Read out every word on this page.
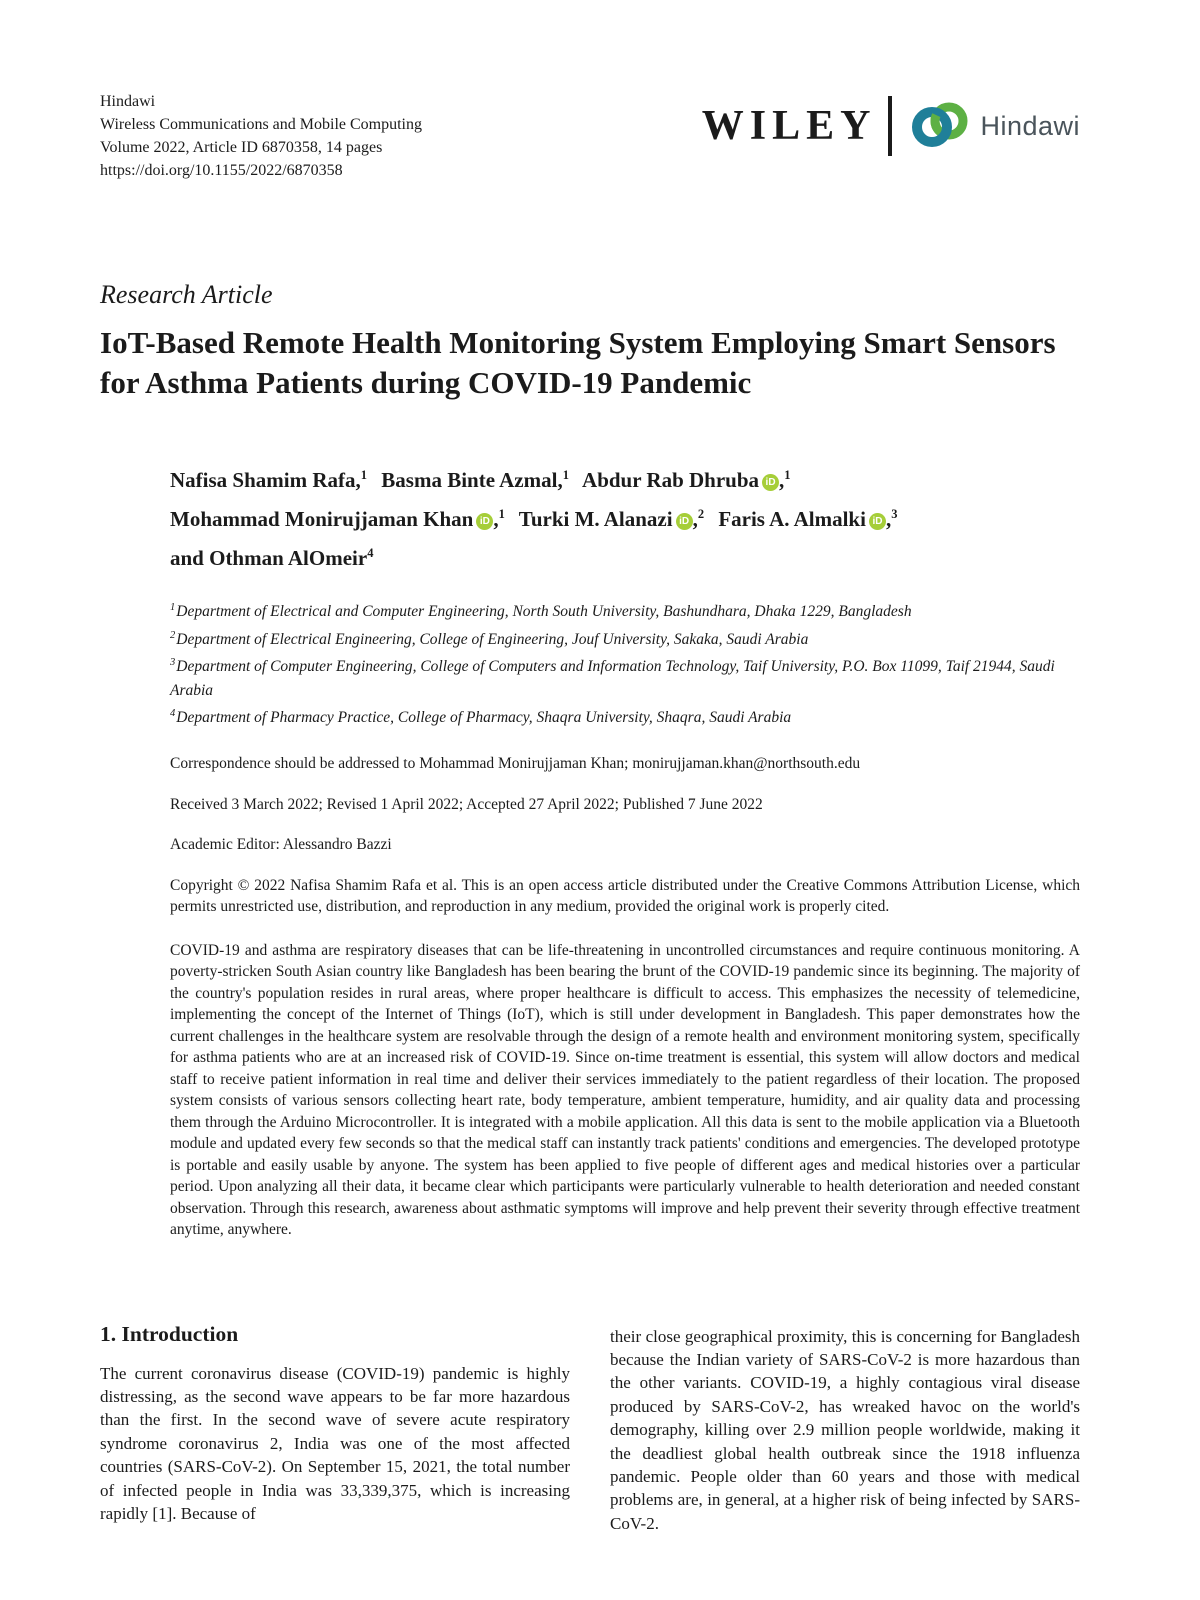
Hindawi
Wireless Communications and Mobile Computing
Volume 2022, Article ID 6870358, 14 pages
https://doi.org/10.1155/2022/6870358
WILEY	Hindawi
Research Article
IoT-Based Remote Health Monitoring System Employing Smart Sensors for Asthma Patients during COVID-19 Pandemic
Nafisa Shamim Rafa,$^1$ Basma Binte Azmal,$^1$ Abdur Rab Dhruba iD ,$^1$
Mohammad Monirujjaman Khan iD ,$^1$ Turki M. Alanazi iD ,$^2$ Faris A. Almalki iD ,$^3$
and Othman AlOmeir$^4$
$^1$Department of Electrical and Computer Engineering, North South University, Bashundhara, Dhaka 1229, Bangladesh
$^2$Department of Electrical Engineering, College of Engineering, Jouf University, Sakaka, Saudi Arabia
$^3$Department of Computer Engineering, College of Computers and Information Technology, Taif University, P.O. Box 11099, Taif 21944, Saudi Arabia
$^4$Department of Pharmacy Practice, College of Pharmacy, Shaqra University, Shaqra, Saudi Arabia

Correspondence should be addressed to Mohammad Monirujjaman Khan; monirujjaman.khan@northsouth.edu

Received 3 March 2022; Revised 1 April 2022; Accepted 27 April 2022; Published 7 June 2022

Academic Editor: Alessandro Bazzi

Copyright © 2022 Nafisa Shamim Rafa et al. This is an open access article distributed under the Creative Commons Attribution License, which permits unrestricted use, distribution, and reproduction in any medium, provided the original work is properly cited.

COVID-19 and asthma are respiratory diseases that can be life-threatening in uncontrolled circumstances and require continuous monitoring. A poverty-stricken South Asian country like Bangladesh has been bearing the brunt of the COVID-19 pandemic since its beginning. The majority of the country's population resides in rural areas, where proper healthcare is difficult to access. This emphasizes the necessity of telemedicine, implementing the concept of the Internet of Things (IoT), which is still under development in Bangladesh. This paper demonstrates how the current challenges in the healthcare system are resolvable through the design of a remote health and environment monitoring system, specifically for asthma patients who are at an increased risk of COVID-19. Since on-time treatment is essential, this system will allow doctors and medical staff to receive patient information in real time and deliver their services immediately to the patient regardless of their location. The proposed system consists of various sensors collecting heart rate, body temperature, ambient temperature, humidity, and air quality data and processing them through the Arduino Microcontroller. It is integrated with a mobile application. All this data is sent to the mobile application via a Bluetooth module and updated every few seconds so that the medical staff can instantly track patients' conditions and emergencies. The developed prototype is portable and easily usable by anyone. The system has been applied to five people of different ages and medical histories over a particular period. Upon analyzing all their data, it became clear which participants were particularly vulnerable to health deterioration and needed constant observation. Through this research, awareness about asthmatic symptoms will improve and help prevent their severity through effective treatment anytime, anywhere.

1. Introduction

The current coronavirus disease (COVID-19) pandemic is highly distressing, as the second wave appears to be far more hazardous than the first. In the second wave of severe acute respiratory syndrome coronavirus 2, India was one of the most affected countries (SARS-CoV-2). On September 15, 2021, the total number of infected people in India was 33,339,375, which is increasing rapidly [1]. Because of

their close geographical proximity, this is concerning for Bangladesh because the Indian variety of SARS-CoV-2 is more hazardous than the other variants. COVID-19, a highly contagious viral disease produced by SARS-CoV-2, has wreaked havoc on the world's demography, killing over 2.9 million people worldwide, making it the deadliest global health outbreak since the 1918 influenza pandemic. People older than 60 years and those with medical problems are, in general, at a higher risk of being infected by SARS-CoV-2.
